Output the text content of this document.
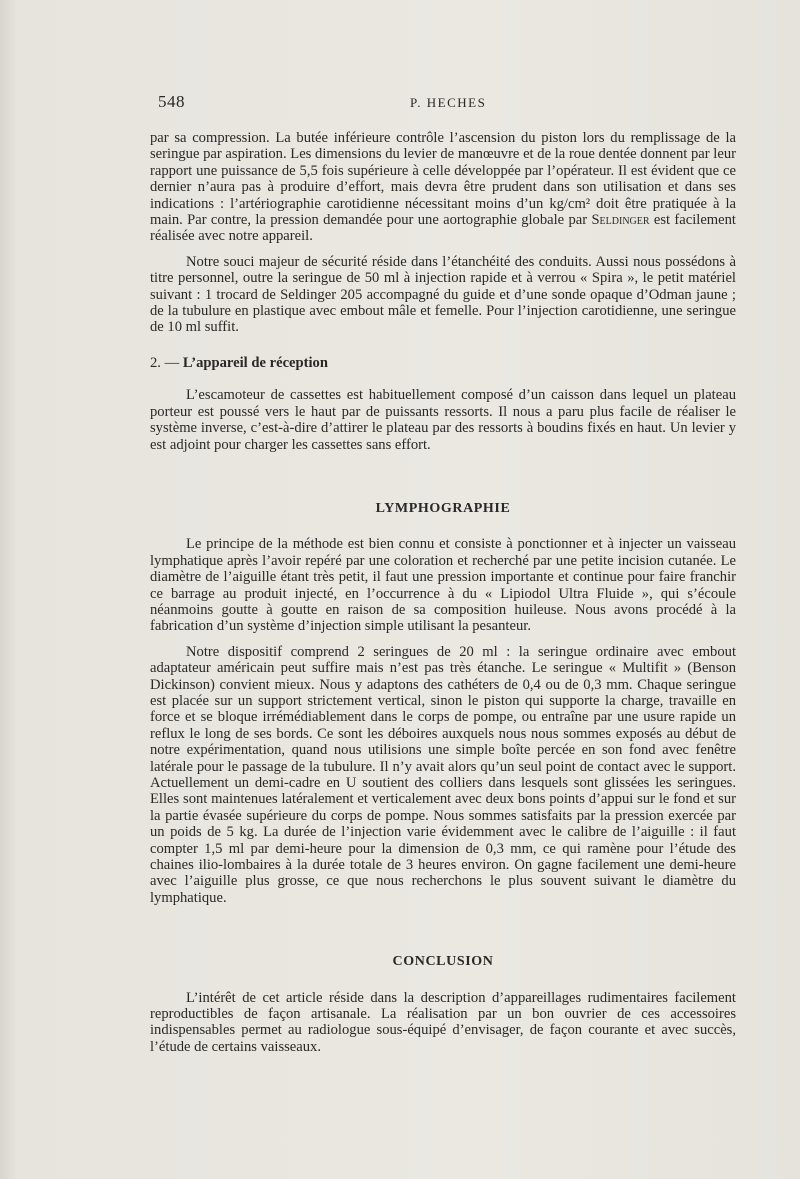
548	P. HECHES

par sa compression. La butée inférieure contrôle l’ascension du piston lors du remplissage de la seringue par aspiration. Les dimensions du levier de manœuvre et de la roue dentée donnent par leur rapport une puissance de 5,5 fois supérieure à celle développée par l’opérateur. Il est évident que ce dernier n’aura pas à produire d’effort, mais devra être prudent dans son utilisation et dans ses indications : l’artériographie carotidienne nécessitant moins d’un kg/cm² doit être pratiquée à la main. Par contre, la pression demandée pour une aortographie globale par Seldinger est facilement réalisée avec notre appareil.

Notre souci majeur de sécurité réside dans l’étanchéité des conduits. Aussi nous possédons à titre personnel, outre la seringue de 50 ml à injection rapide et à verrou « Spira », le petit matériel suivant : 1 trocard de Seldinger 205 accompagné du guide et d’une sonde opaque d’Odman jaune ; de la tubulure en plastique avec embout mâle et femelle. Pour l’injection carotidienne, une seringue de 10 ml suffit.

2. — L’appareil de réception

L’escamoteur de cassettes est habituellement composé d’un caisson dans lequel un plateau porteur est poussé vers le haut par de puissants ressorts. Il nous a paru plus facile de réaliser le système inverse, c’est-à-dire d’attirer le plateau par des ressorts à boudins fixés en haut. Un levier y est adjoint pour charger les cassettes sans effort.

LYMPHOGRAPHIE

Le principe de la méthode est bien connu et consiste à ponctionner et à injecter un vaisseau lymphatique après l’avoir repéré par une coloration et recherché par une petite incision cutanée. Le diamètre de l’aiguille étant très petit, il faut une pression importante et continue pour faire franchir ce barrage au produit injecté, en l’occurrence à du « Lipiodol Ultra Fluide », qui s’écoule néanmoins goutte à goutte en raison de sa composition huileuse. Nous avons procédé à la fabrication d’un système d’injection simple utilisant la pesanteur.

Notre dispositif comprend 2 seringues de 20 ml : la seringue ordinaire avec embout adaptateur américain peut suffire mais n’est pas très étanche. Le seringue « Multifit » (Benson Dickinson) convient mieux. Nous y adaptons des cathéters de 0,4 ou de 0,3 mm. Chaque seringue est placée sur un support strictement vertical, sinon le piston qui supporte la charge, travaille en force et se bloque irrémédiablement dans le corps de pompe, ou entraîne par une usure rapide un reflux le long de ses bords. Ce sont les déboires auxquels nous nous sommes exposés au début de notre expérimentation, quand nous utilisions une simple boîte percée en son fond avec fenêtre latérale pour le passage de la tubulure. Il n’y avait alors qu’un seul point de contact avec le support. Actuellement un demi-cadre en U soutient des colliers dans lesquels sont glissées les seringues. Elles sont maintenues latéralement et verticalement avec deux bons points d’appui sur le fond et sur la partie évasée supérieure du corps de pompe. Nous sommes satisfaits par la pression exercée par un poids de 5 kg. La durée de l’injection varie évidemment avec le calibre de l’aiguille : il faut compter 1,5 ml par demi-heure pour la dimension de 0,3 mm, ce qui ramène pour l’étude des chaines ilio-lombaires à la durée totale de 3 heures environ. On gagne facilement une demi-heure avec l’aiguille plus grosse, ce que nous recherchons le plus souvent suivant le diamètre du lymphatique.

CONCLUSION

L’intérêt de cet article réside dans la description d’appareillages rudimentaires facilement reproductibles de façon artisanale. La réalisation par un bon ouvrier de ces accessoires indispensables permet au radiologue sous-équipé d’envisager, de façon courante et avec succès, l’étude de certains vaisseaux.
